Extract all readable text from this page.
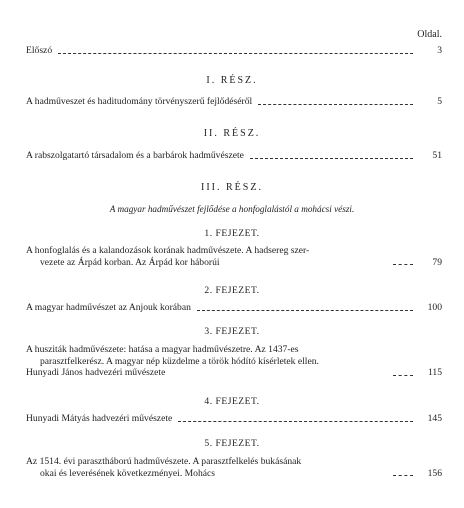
Oldal.
Előszó	3
I. RÉSZ.
A hadműveszet és haditudomány törvényszerű fejlődéséről	5
II. RÉSZ.
A rabszolgatartó társadalom és a barbárok hadművészete	51
III. RÉSZ.
A magyar hadművészet fejlődése a honfoglalástól a mohácsi vészi.
1. FEJEZET.
A honfoglalás és a kalandozások korának hadművészete. A hadsereg szer-
vezete az Árpád korban. Az Árpád kor háborúi	79
2. FEJEZET.
A magyar hadművészet az Anjouk korában	100
3. FEJEZET.
A husziták hadművészete: hatása a magyar hadművészetre. Az 1437-es
parasztfelkerész. A magyar nép küzdelme a török hódító kísérletek ellen.
Hunyadi János hadvezéri művészete	115
4. FEJEZET.
Hunyadi Mátyás hadvezéri művészete	145
5. FEJEZET.
Az 1514. évi parasztháború hadművészete. A parasztfelkelés bukásának
okai és leverésének következményei. Mohács	156
